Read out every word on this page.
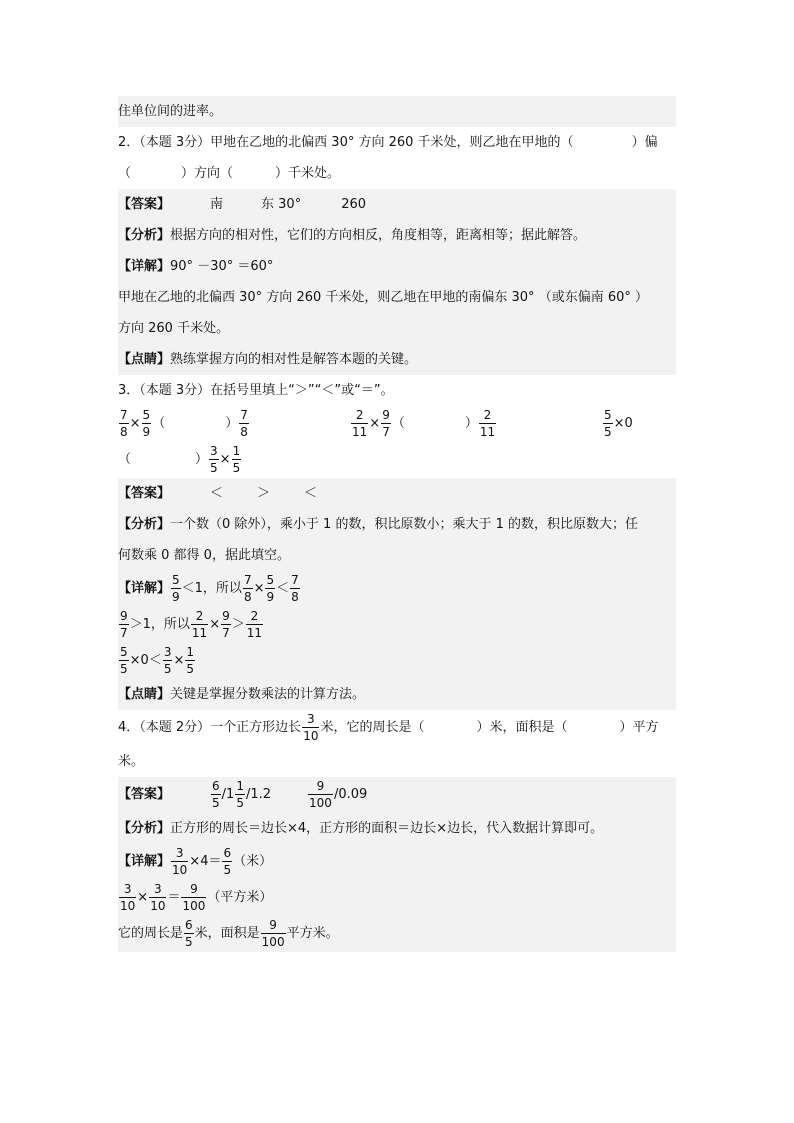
住单位间的进率。
2．（本题 3分）甲地在乙地的北偏西 30° 方向 260 千米处，则乙地在甲地的（	）偏
（	）方向（	）千米处。
【答案】	南	东 30°	260
【分析】根据方向的相对性，它们的方向相反，角度相等，距离相等；据此解答。
【详解】90° －30° ＝60°
甲地在乙地的北偏西 30° 方向 260 千米处，则乙地在甲地的南偏东 30° （或东偏南 60° ）
方向 260 千米处。
【点睛】熟练掌握方向的相对性是解答本题的关键。
3．（本题 3分）在括号里填上“＞”“＜”或“＝”。
$\frac{7}{8} \times \frac{5}{9}$ （	） $\frac{7}{8}$	$\frac{2}{11} \times \frac{9}{7}$ （	） $\frac{2}{11}$	$\frac{5}{5} \times 0$
（	） $\frac{3}{5} \times \frac{1}{5}$
【答案】	＜	＞	＜
【分析】一个数（0 除外），乘小于 1 的数，积比原数小；乘大于 1 的数，积比原数大；任
何数乘 0 都得 0，据此填空。
【详解】 $\frac{5}{9} <1$，所以 $\frac{7}{8} \times \frac{5}{9} < \frac{7}{8}$
$\frac{9}{7} >1$，所以 $\frac{2}{11} \times \frac{9}{7} > \frac{2}{11}$
$\frac{5}{5} \times 0< \frac{3}{5} \times \frac{1}{5}$
【点睛】关键是掌握分数乘法的计算方法。
4．（本题 2分）一个正方形边长 $\frac{3}{10}$ 米，它的周长是（	）米，面积是（	）平方
米。
【答案】	$\frac{6}{5} /1 \frac{1}{5} /1.2$	$\frac{9}{100} /0.09$
【分析】正方形的周长＝边长×4，正方形的面积＝边长×边长，代入数据计算即可。
【详解】 $\frac{3}{10} \times 4= \frac{6}{5}$ （米）
$\frac{3}{10} \times \frac{3}{10} = \frac{9}{100}$ （平方米）
它的周长是 $\frac{6}{5}$ 米，面积是 $\frac{9}{100}$ 平方米。
